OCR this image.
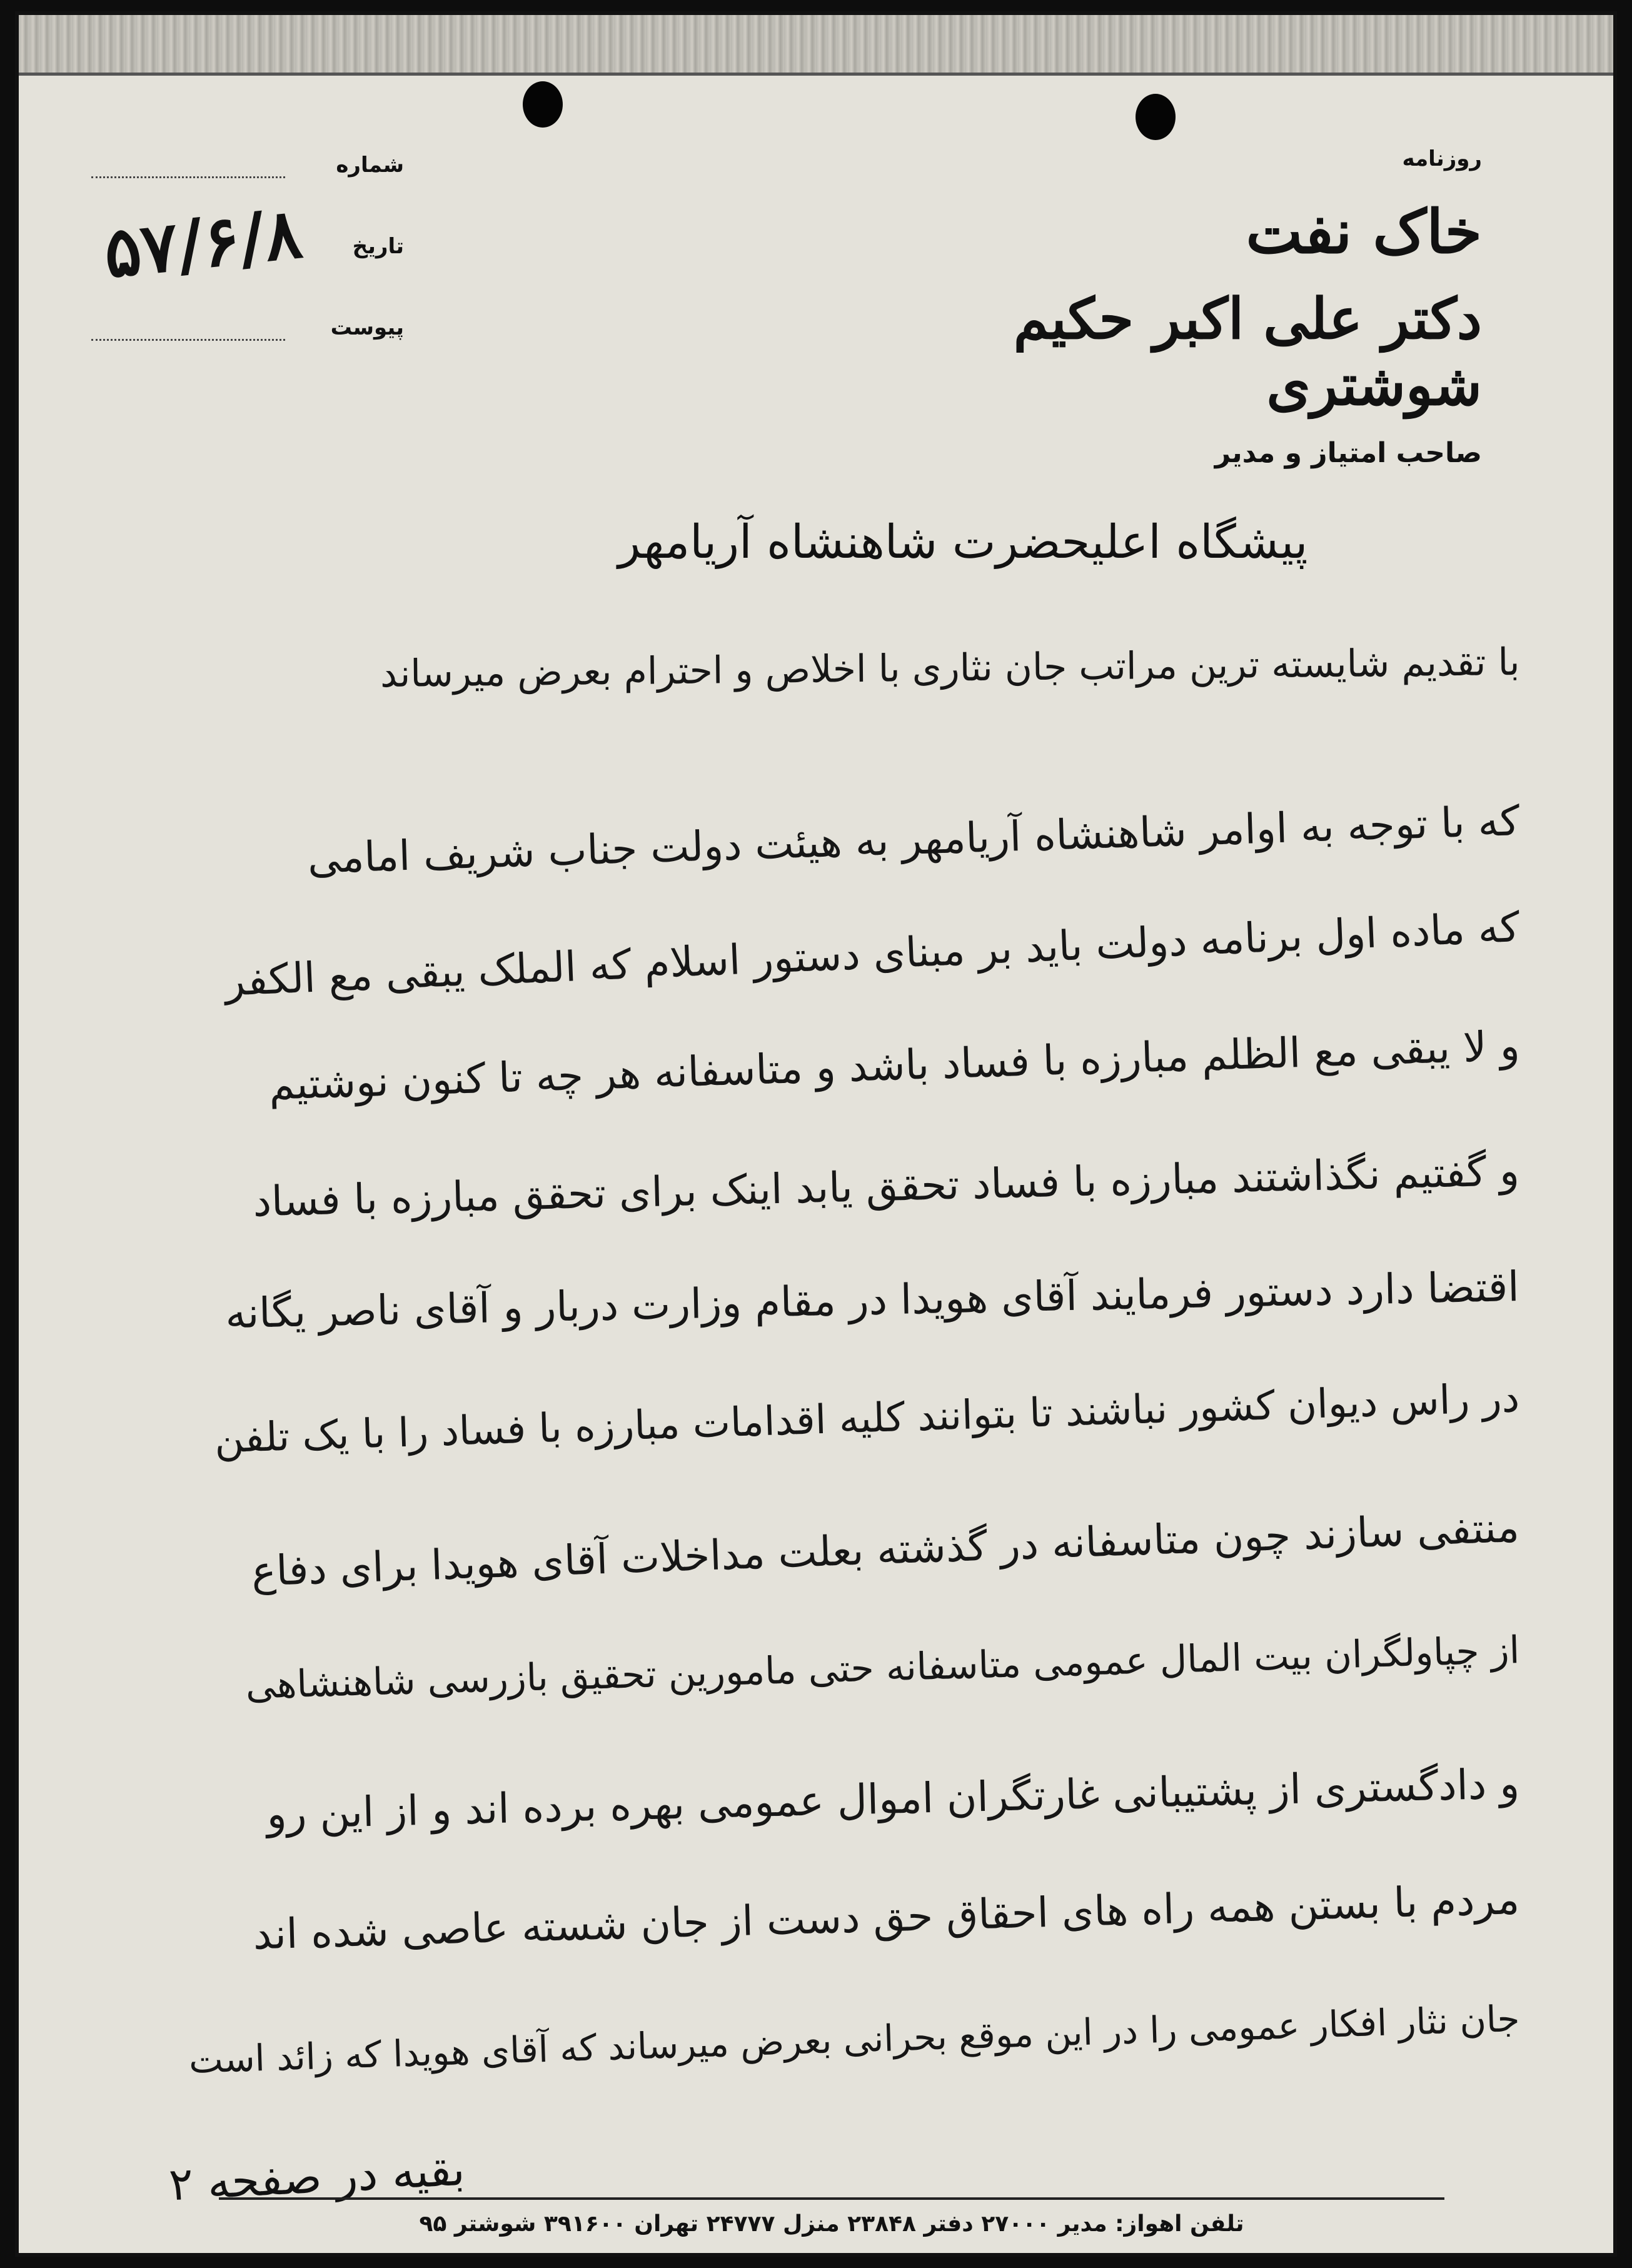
روزنامه
خاک نفت
دکتر علی اکبر حکیم شوشتری
صاحب امتیاز و مدیر
شماره
تاریخ
۵۷/۶/۸
پیوست
پیشگاه اعلیحضرت شاهنشاه آریامهر
با تقدیم شایسته ترین مراتب جان نثاری با اخلاص و احترام بعرض میرساند
که با توجه به اوامر شاهنشاه آریامهر به هیئت دولت جناب شریف امامی
که ماده اول برنامه دولت باید بر مبنای دستور اسلام که الملک یبقی مع الکفر
و لا یبقی مع الظلم مبارزه با فساد باشد و متاسفانه هر چه تا کنون نوشتیم
و گفتیم نگذاشتند مبارزه با فساد تحقق یابد اینک برای تحقق مبارزه با فساد
اقتضا دارد دستور فرمایند آقای هویدا در مقام وزارت دربار و آقای ناصر یگانه
در راس دیوان کشور نباشند تا بتوانند کلیه اقدامات مبارزه با فساد را با یک تلفن
منتفی سازند چون متاسفانه در گذشته بعلت مداخلات آقای هویدا برای دفاع
از چپاولگران بیت المال عمومی متاسفانه حتی مامورین تحقیق بازرسی شاهنشاهی
و دادگستری از پشتیبانی غارتگران اموال عمومی بهره برده اند و از این رو
مردم با بستن همه راه های احقاق حق دست از جان شسته عاصی شده اند
جان نثار افکار عمومی را در این موقع بحرانی بعرض میرساند که آقای هویدا که زائد است
بقیه در صفحه ۲
تلفن اهواز: مدیر ۲۷۰۰۰ دفتر ۲۳۸۴۸ منزل ۲۴۷۷۷ تهران ۳۹۱۶۰۰ شوشتر ۹۵
